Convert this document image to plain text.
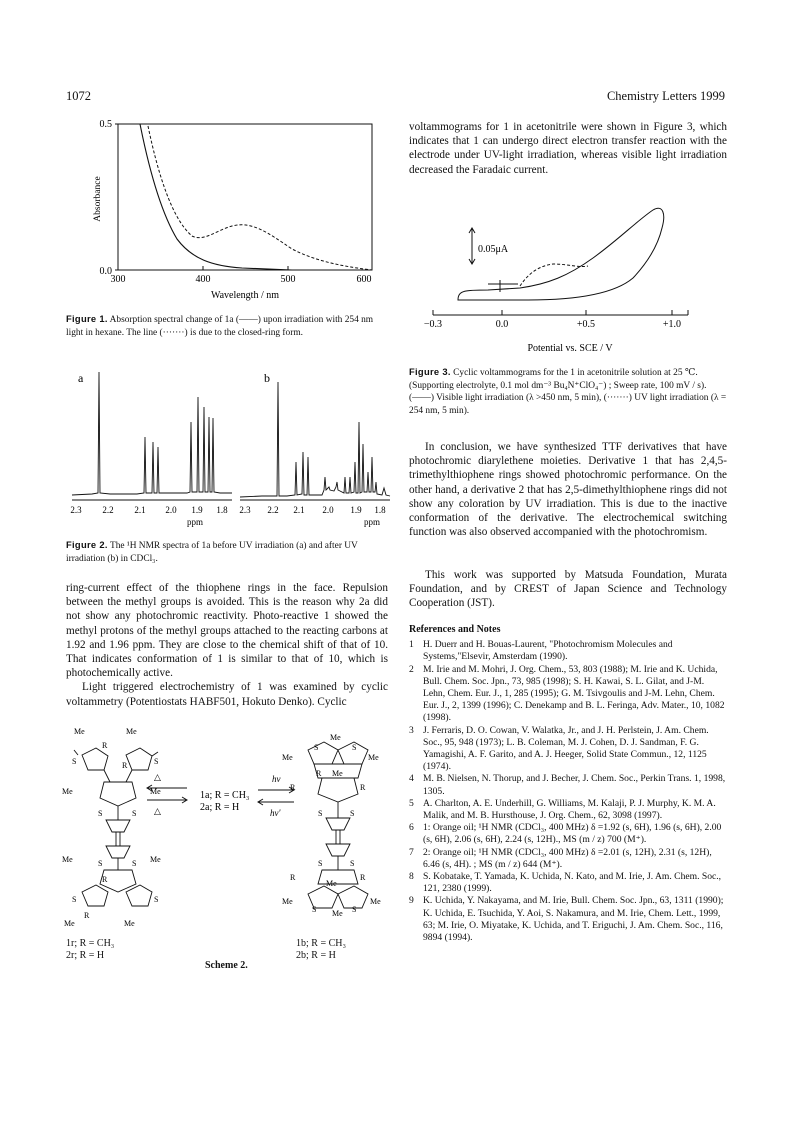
1072	Chemistry Letters 1999
0.5
0.0
300	400	500	600
Wavelength / nm
Absorbance
Figure 1. Absorption spectral change of 1a (——) upon irradiation with 254 nm light in hexane. The line (·······) is due to the closed-ring form.
a	b
2.3 2.2 2.1 2.0 1.9 1.8
ppm
2.3 2.2 2.1 2.0 1.9 1.8
ppm
Figure 2. The ¹H NMR spectra of 1a before UV irradiation (a) and after UV irradiation (b) in CDCl₃.

ring-current effect of the thiophene rings in the face. Repulsion between the methyl groups is avoided. This is the reason why 2a did not show any photochromic reactivity. Photo-reactive 1 showed the methyl protons of the methyl groups attached to the reacting carbons at 1.92 and 1.96 ppm. They are close to the chemical shift of that of 10. That indicates conformation of 1 is similar to that of 10, which is photochemically active.

Light triggered electrochemistry of 1 was examined by cyclic voltammetry (Potentiostats HABF501, Hokuto Denko). Cyclic

Me	Me
S	S
R
R
Me	Me
S	S
S	S
Me	Me
R
S	S
R
Me	Me
△
△
1a; R = CH₃
2a; R = H
hν
hν'
Me
S
Me
S
Me
R Me
R	R
S	S
S	S
R	R
Me
Me
S Me S
Me
1r; R = CH₃
2r; R = H
1b; R = CH₃
2b; R = H
Scheme 2.

voltammograms for 1 in acetonitrile were shown in Figure 3, which indicates that 1 can undergo direct electron transfer reaction with the electrode under UV-light irradiation, whereas visible light irradiation decreased the Faradaic current.

0.05μA
−0.3	0.0	+0.5	+1.0
Potential vs. SCE / V
Figure 3. Cyclic voltammograms for the 1 in acetonitrile solution at 25 ℃. (Supporting electrolyte, 0.1 mol dm⁻³ Bu₄N⁺ClO₄⁻) ; Sweep rate, 100 mV / s). (——) Visible light irradiation (λ >450 nm, 5 min), (·······) UV light irradiation (λ = 254 nm, 5 min).

In conclusion, we have synthesized TTF derivatives that have photochromic diarylethene moieties. Derivative 1 that has 2,4,5-trimethylthiophene rings showed photochromic performance. On the other hand, a derivative 2 that has 2,5-dimethylthiophene rings did not show any coloration by UV irradiation. This is due to the inactive conformation of the derivative. The electrochemical switching function was also observed accompanied with the photochromism.

This work was supported by Matsuda Foundation, Murata Foundation, and by CREST of Japan Science and Technology Cooperation (JST).

References and Notes
1 H. Duerr and H. Bouas-Laurent, "Photochromism Molecules and Systems,"Elsevir, Amsterdam (1990).
2 M. Irie and M. Mohri, J. Org. Chem., 53, 803 (1988); M. Irie and K. Uchida, Bull. Chem. Soc. Jpn., 73, 985 (1998); S. H. Kawai, S. L. Gilat, and J-M. Lehn, Chem. Eur. J., 1, 285 (1995); G. M. Tsivgoulis and J-M. Lehn, Chem. Eur. J., 2, 1399 (1996); C. Denekamp and B. L. Feringa, Adv. Mater., 10, 1082 (1998).
3 J. Ferraris, D. O. Cowan, V. Walatka, Jr., and J. H. Perlstein, J. Am. Chem. Soc., 95, 948 (1973); L. B. Coleman, M. J. Cohen, D. J. Sandman, F. G. Yamagishi, A. F. Garito, and A. J. Heeger, Solid State Commun., 12, 1125 (1974).
4 M. B. Nielsen, N. Thorup, and J. Becher, J. Chem. Soc., Perkin Trans. 1, 1998, 1305.
5 A. Charlton, A. E. Underhill, G. Williams, M. Kalaji, P. J. Murphy, K. M. A. Malik, and M. B. Hursthouse, J. Org. Chem., 62, 3098 (1997).
6 1: Orange oil; ¹H NMR (CDCl₃, 400 MHz) δ =1.92 (s, 6H), 1.96 (s, 6H), 2.00 (s, 6H), 2.06 (s, 6H), 2.24 (s, 12H)., MS (m / z) 700 (M⁺).
7 2: Orange oil; ¹H NMR (CDCl₃, 400 MHz) δ =2.01 (s, 12H), 2.31 (s, 12H), 6.46 (s, 4H). ; MS (m / z) 644 (M⁺).
8 S. Kobatake, T. Yamada, K. Uchida, N. Kato, and M. Irie, J. Am. Chem. Soc., 121, 2380 (1999).
9 K. Uchida, Y. Nakayama, and M. Irie, Bull. Chem. Soc. Jpn., 63, 1311 (1990); K. Uchida, E. Tsuchida, Y. Aoi, S. Nakamura, and M. Irie, Chem. Lett., 1999, 63; M. Irie, O. Miyatake, K. Uchida, and T. Eriguchi, J. Am. Chem. Soc., 116, 9894 (1994).
